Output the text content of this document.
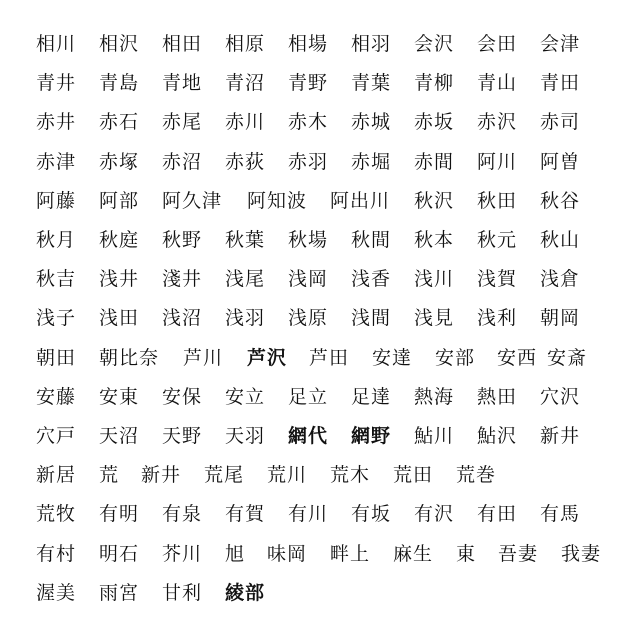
相川 相沢 相田 相原 相場 相羽 会沢 会田 会津
青井 青島 青地 青沼 青野 青葉 青柳 青山 青田
赤井 赤石 赤尾 赤川 赤木 赤城 赤坂 赤沢 赤司
赤津 赤塚 赤沼 赤荻 赤羽 赤堀 赤間 阿川 阿曽
阿藤 阿部 阿久津 阿知波 阿出川 秋沢 秋田 秋谷
秋月 秋庭 秋野 秋葉 秋場 秋間 秋本 秋元 秋山
秋吉 浅井 淺井 浅尾 浅岡 浅香 浅川 浅賀 浅倉
浅子 浅田 浅沼 浅羽 浅原 浅間 浅見 浅利 朝岡
朝田 朝比奈 芦川 芦沢 芦田 安達 安部 安西 安斎
安藤 安東 安保 安立 足立 足達 熱海 熱田 穴沢
穴戸 天沼 天野 天羽 網代 網野 鮎川 鮎沢 新井
新居 荒 新井 荒尾 荒川 荒木 荒田 荒巻
荒牧 有明 有泉 有賀 有川 有坂 有沢 有田 有馬
有村 明石 芥川 旭 味岡 畔上 麻生 東 吾妻 我妻
渥美 雨宮 甘利 綾部
